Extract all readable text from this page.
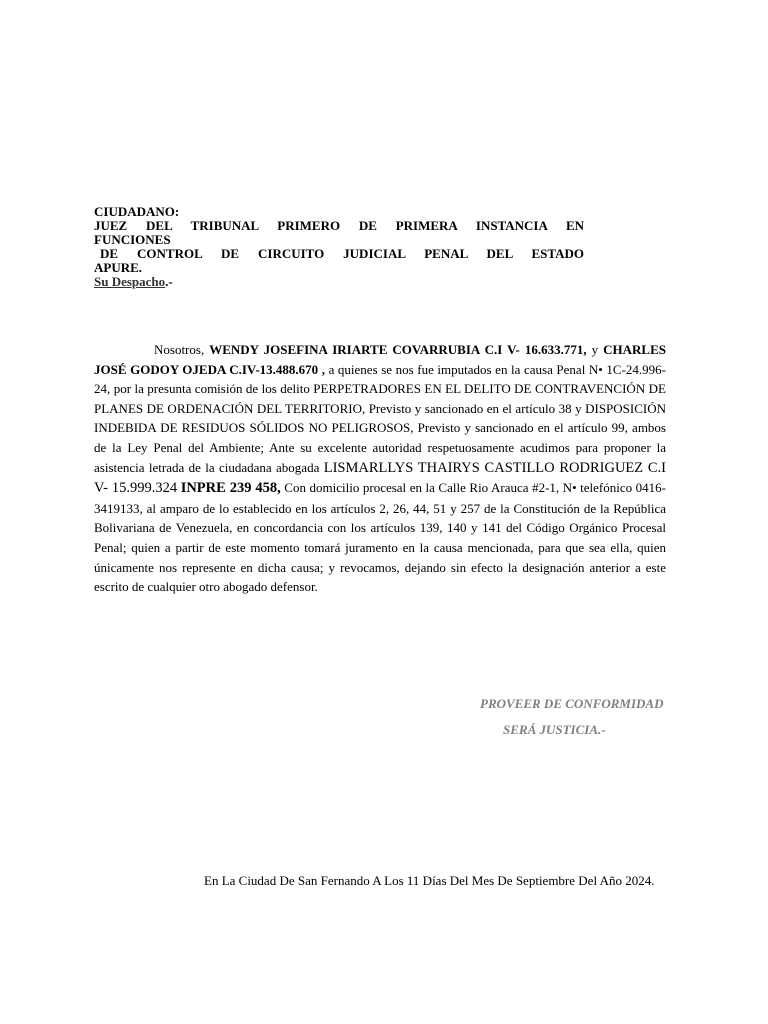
CIUDADANO:
JUEZ DEL TRIBUNAL PRIMERO DE PRIMERA INSTANCIA EN
FUNCIONES
DE CONTROL DE CIRCUITO JUDICIAL PENAL DEL ESTADO
APURE.
Su Despacho.-
Nosotros, WENDY JOSEFINA IRIARTE COVARRUBIA C.I V- 16.633.771, y CHARLES JOSÉ GODOY OJEDA C.IV-13.488.670 , a quienes se nos fue imputados en la causa Penal N• 1C-24.996-24, por la presunta comisión de los delito PERPETRADORES EN EL DELITO DE CONTRAVENCIÓN DE PLANES DE ORDENACIÓN DEL TERRITORIO, Previsto y sancionado en el artículo 38 y DISPOSICIÓN INDEBIDA DE RESIDUOS SÓLIDOS NO PELIGROSOS, Previsto y sancionado en el artículo 99, ambos de la Ley Penal del Ambiente; Ante su excelente autoridad respetuosamente acudimos para proponer la asistencia letrada de la ciudadana abogada LISMARLLYS THAIRYS CASTILLO RODRIGUEZ C.I V- 15.999.324 INPRE 239 458, Con domicilio procesal en la Calle Rio Arauca #2-1, N• telefónico 0416-3419133, al amparo de lo establecido en los artículos 2, 26, 44, 51 y 257 de la Constitución de la República Bolivariana de Venezuela, en concordancia con los artículos 139, 140 y 141 del Código Orgánico Procesal Penal; quien a partir de este momento tomará juramento en la causa mencionada, para que sea ella, quien únicamente nos represente en dicha causa; y revocamos, dejando sin efecto la designación anterior a este escrito de cualquier otro abogado defensor.
PROVEER DE CONFORMIDAD
SERÁ JUSTICIA.-
En La Ciudad De San Fernando A Los 11 Días Del Mes De Septiembre Del Año 2024.
